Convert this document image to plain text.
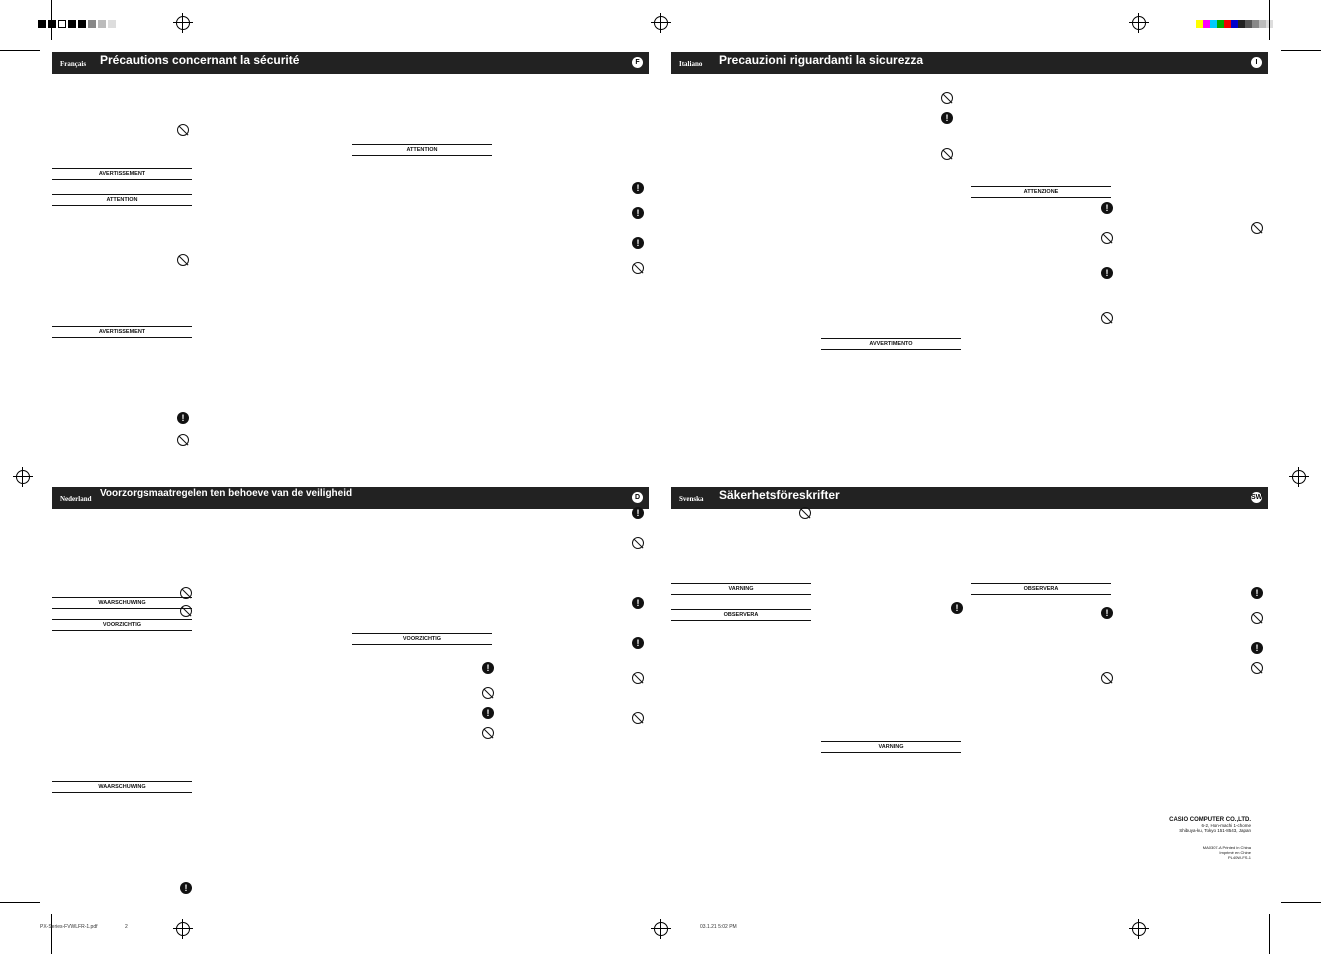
Français Précautions concernant la sécurité	F
AVERTISSEMENT
ATTENTION
AVERTISSEMENT
ATTENTION
!
!
!
!
Italiano Precauzioni riguardanti la sicurezza	I
AVVERTIMENTO
ATTENZIONE
!
!
!
Nederland Voorzorgsmaatregelen ten behoeve van de veiligheid	D
WAARSCHUWING
VOORZICHTIG
WAARSCHUWING
VOORZICHTIG
!
!
!
!
!
!
Svenska Säkerhetsföreskrifter	SW
VARNING
OBSERVERA
VARNING
OBSERVERA
!	!
!
!
CASIO COMPUTER CO.,LTD.
6-2, Hon-machi 1-chome
Shibuya-ku, Tokyo 151-8543, Japan
MA0307-A Printed in China
Imprimé en Chine
PL40W-FS-1
PX-Series-FVWLFR-1.pdf	2	03.1.21 5:02 PM
